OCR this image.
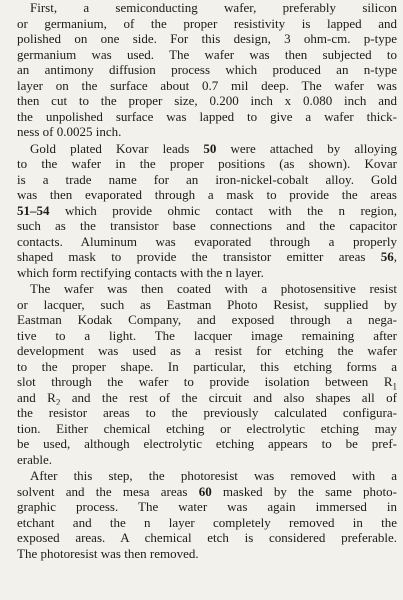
First, a semiconducting wafer, preferably silicon
or germanium, of the proper resistivity is lapped and
polished on one side. For this design, 3 ohm-cm. p-type
germanium was used. The wafer was then subjected to
an antimony diffusion process which produced an n-type
layer on the surface about 0.7 mil deep. The wafer was
then cut to the proper size, 0.200 inch x 0.080 inch and
the unpolished surface was lapped to give a wafer thick-
ness of 0.0025 inch.
Gold plated Kovar leads 50 were attached by alloying
to the wafer in the proper positions (as shown). Kovar
is a trade name for an iron-nickel-cobalt alloy. Gold
was then evaporated through a mask to provide the areas
51–54 which provide ohmic contact with the n region,
such as the transistor base connections and the capacitor
contacts. Aluminum was evaporated through a properly
shaped mask to provide the transistor emitter areas 56,
which form rectifying contacts with the n layer.
The wafer was then coated with a photosensitive resist
or lacquer, such as Eastman Photo Resist, supplied by
Eastman Kodak Company, and exposed through a nega-
tive to a light. The lacquer image remaining after
development was used as a resist for etching the wafer
to the proper shape. In particular, this etching forms a
slot through the wafer to provide isolation between $R_1$
and $R_2$ and the rest of the circuit and also shapes all of
the resistor areas to the previously calculated configura-
tion. Either chemical etching or electrolytic etching may
be used, although electrolytic etching appears to be pref-
erable.
After this step, the photoresist was removed with a
solvent and the mesa areas 60 masked by the same photo-
graphic process. The water was again immersed in
etchant and the n layer completely removed in the
exposed areas. A chemical etch is considered preferable.
The photoresist was then removed.
